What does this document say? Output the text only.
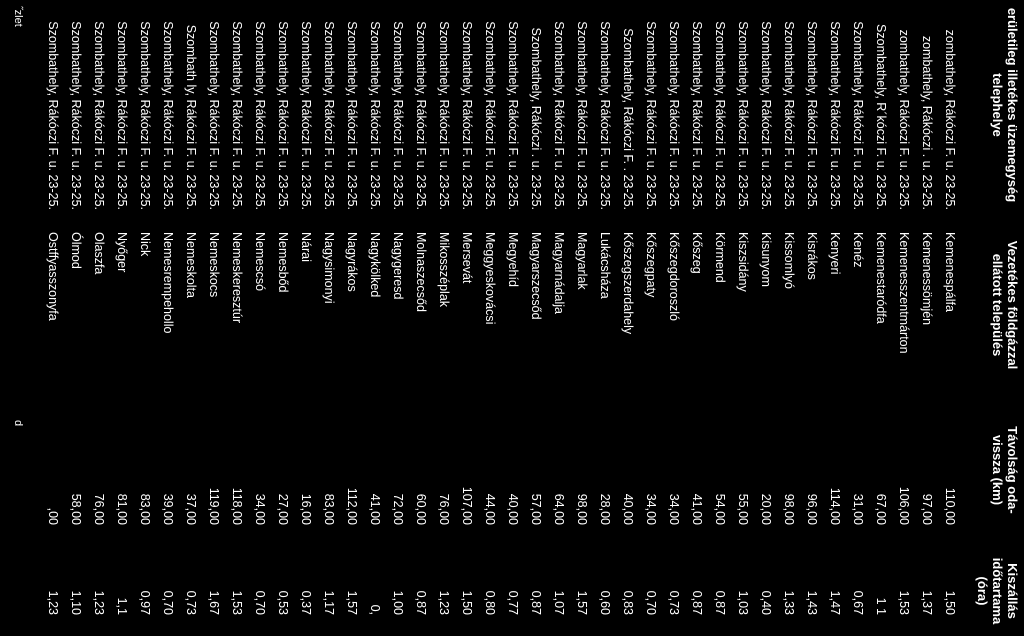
erületileg illetékes üzemegység
telephelye
Vezetékes földgázzal
ellátott település
Távolság oda-
vissza (km)
Kiszállás
időtartama
(óra)
zombathely, Rákóczi F. u. 23-25.
Kemenespálfa
110,00
1,50
zombathely, Rákóczi . u. 23-25.
Kemenessömjén
97,00
1,37
zombathely, Rákóczi F. u. 23-25.
Kemenesszentmárton
106,00
1,53
Szombathely, R´kóczi F. u. 23-25.
Kemenestaródfa
67,00
1 1
Szombathely, Rákóczi F. u. 23-25.
Kenéz
31,00
0,67
Szombathely, Rákóczi F. u. 23-25.
Kenyeri
114,00
1,47
Szombathely, Rákóczi F. u. 23-25.
Kisrákos
96,00
1,43
Szombathely, Rákóczi F. u. 23-25.
Kissomlyó
98,00
1,33
Szombathely, Rákóczi F. u. 23-25.
Kisunyom
20,00
0,40
Szombathely, Rákóczi F. u. 23-25.
Kiszsidány
55,00
1,03
Szombathely, Rákóczi F. u. 23-25.
Körmend
54,00
0,87
Szombathely, Rákóczi F. u. 23-25.
Kőszeg
41,00
0,87
Szombathely, Rákóczi F. u. 23-25.
Kőszegdoroszló
34,00
0,73
Szombathely, Rákóczi F. u. 23-25.
Kőszegpaty
34,00
0,70
Szombathely, Rákóczi F. . 23-25.
Kőszegszerdahely
40,00
0,83
Szombathely, Rákóczi F. u. 23-25.
Lukácsháza
28,00
0,60
Szombathely, Rákóczi F. u. 23-25.
Magyarlak
98,00
1,57
Szombathely, Rákóczi F. u. 23-25.
Magyarnádalja
64,00
1,07
Szombathely, Rákóczi . u. 23-25.
Magyarszecsőd
57,00
0,87
Szombathely, Rákóczi F. u. 23-25.
Megyehíd
40,00
0,77
Szombathely, Rákóczi F. u. 23-25.
Meggyeskovácsi
44,00
0,80
Szombathely, Rákóczi F. u. 23-25.
Mersevát
107,00
1,50
Szombathely, Rákóczi F. u. 23-25.
Mikosszéplak
76,00
1,23
Szombathely, Rákóczi F. u. 23-25.
Molnaszecsőd
60,00
0,87
Szombathely, Rákóczi F. u. 23-25.
Nagygeresd
72,00
1,00
Szombathely, Rákóczi F. u. 23-25.
Nagykölked
41,00
0,
Szombathely, Rákóczi F. u. 23-25.
Nagyrákos
112,00
1,57
Szombathely, Rákóczi F. u. 23-25.
Nagysimonyi
83,00
1,17
Szombathely, Rákóczi F. u. 23-25.
Nárai
16,00
0,37
Szombathely, Rákóczi F. u. 23-25.
Nemesbőd
27,00
0,53
Szombathely, Rákóczi F. u. 23-25.
Nemescsó
34,00
0,70
Szombathely, Rákóczi F. u. 23-25.
Nemeskeresztúr
118,00
1,53
Szombathely, Rákóczi F. u. 23-25.
Nemeskocs
119,00
1,67
Szombath ly, Rákóczi F. u. 23-25.
Nemeskolta
37,00
0,73
Szombathely, Rákóczi F. u. 23-25.
Nemesrempehollo
39,00
0,70
Szombathely, Rákóczi F. u. 23-25.
Nick
83,00
0,97
Szombathely, Rákóczi F. u. 23-25.
Nyőger
81,00
1,1
Szombathely, Rákóczi F. u. 23-25.
Olaszfa
76,00
1,23
Szombathely, Rákóczi F. u. 23-25.
Ólmod
58,00
1,10
Szombathely, Rákóczi F. u. 23-25.
Ostffyasszonyfa
,00
1,23
˝zlet
d
